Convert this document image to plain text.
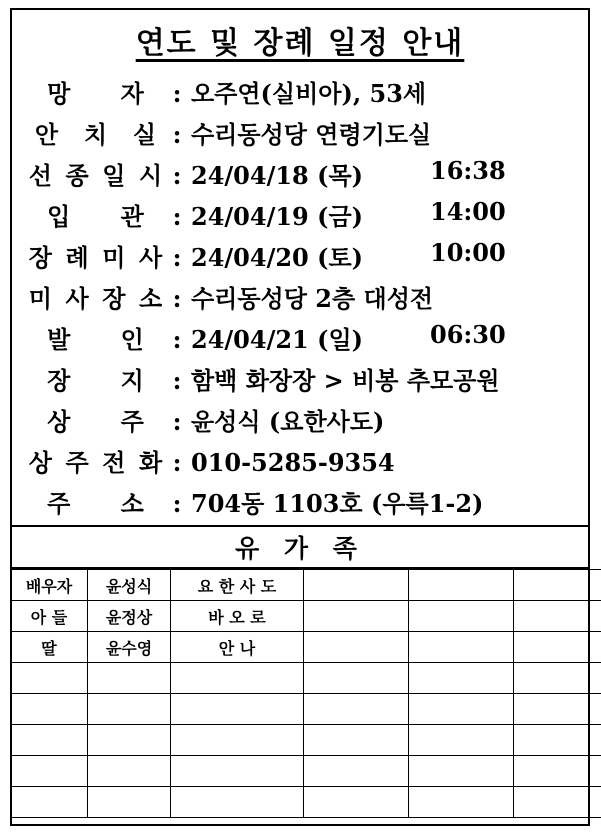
연도 및 장례 일정 안내
망 자 : 오주연(실비아), 53세
안 치 실 : 수리동성당 연령기도실
선 종 일 시 : 24/04/18 (목)	16:38
입 관 : 24/04/19 (금)	14:00
장 례 미 사 : 24/04/20 (토)	10:00
미 사 장 소 : 수리동성당 2층 대성전
발 인 : 24/04/21 (일)	06:30
장 지 : 함백 화장장 > 비봉 추모공원
상 주 : 윤성식 (요한사도)
상 주 전 화 : 010-5285-9354
주 소 : 704동 1103호 (우륵1-2)
유 가 족
배우자	윤성식	요 한 사 도			
아 들	윤정상	바 오 로			
딸	윤수영	안 나			
